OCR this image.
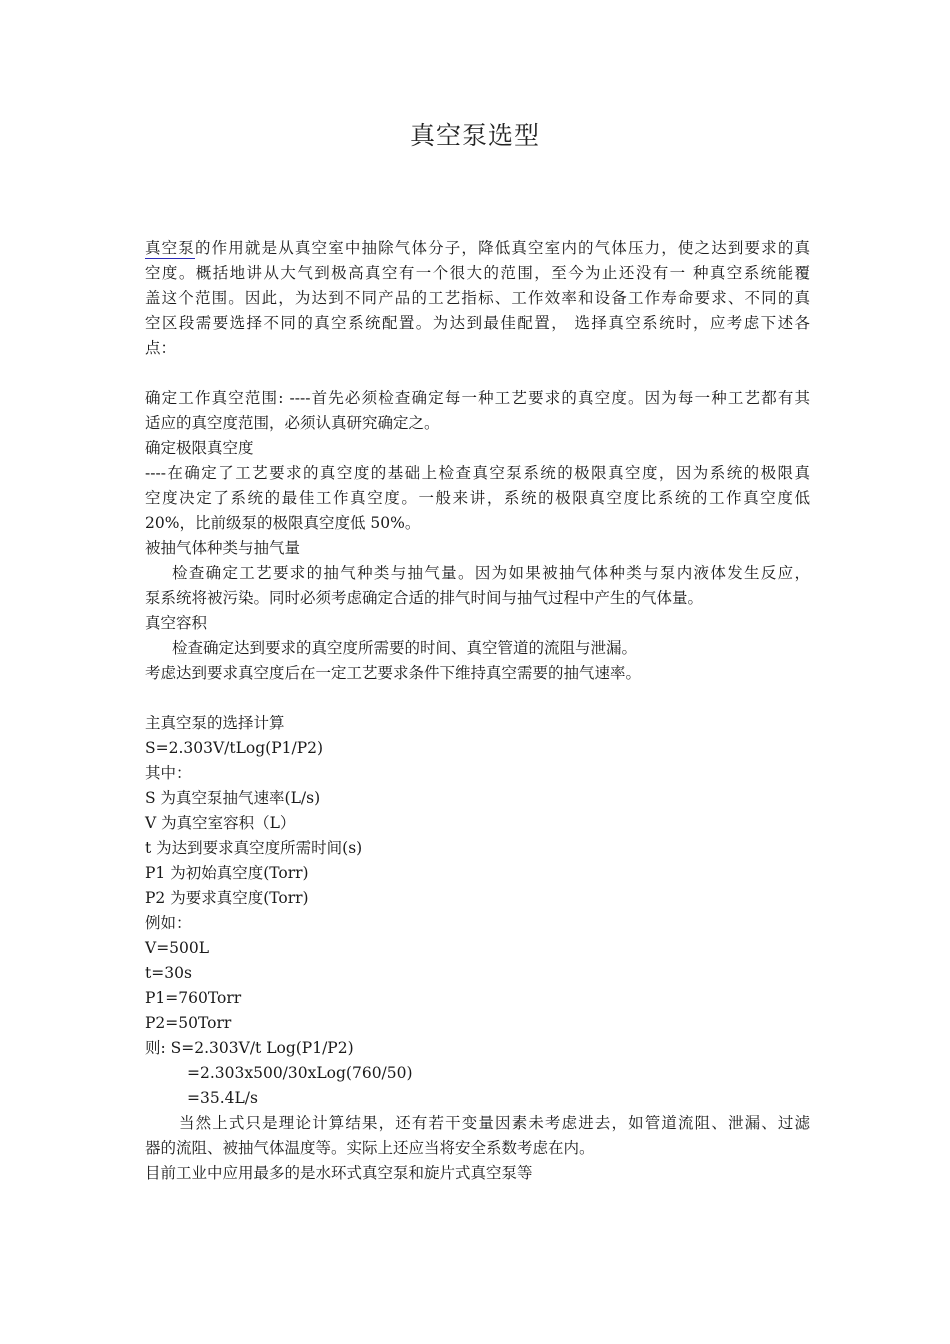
真空泵选型

真空泵的作用就是从真空室中抽除气体分子，降低真空室内的气体压力，使之达到要求的真

空度。概括地讲从大气到极高真空有一个很大的范围，至今为止还没有一 种真空系统能覆

盖这个范围。因此，为达到不同产品的工艺指标、工作效率和设备工作寿命要求、不同的真

空区段需要选择不同的真空系统配置。为达到最佳配置， 选择真空系统时，应考虑下述各

点：

确定工作真空范围: ----首先必须检查确定每一种工艺要求的真空度。因为每一种工艺都有其

适应的真空度范围，必须认真研究确定之。

确定极限真空度

----在确定了工艺要求的真空度的基础上检查真空泵系统的极限真空度，因为系统的极限真

空度决定了系统的最佳工作真空度。一般来讲，系统的极限真空度比系统的工作真空度低

20%，比前级泵的极限真空度低 50%。

被抽气体种类与抽气量

检查确定工艺要求的抽气种类与抽气量。因为如果被抽气体种类与泵内液体发生反应，

泵系统将被污染。同时必须考虑确定合适的排气时间与抽气过程中产生的气体量。

真空容积

检查确定达到要求的真空度所需要的时间、真空管道的流阻与泄漏。

考虑达到要求真空度后在一定工艺要求条件下维持真空需要的抽气速率。

主真空泵的选择计算

S=2.303V/tLog(P1/P2)

其中：

S 为真空泵抽气速率(L/s)

V 为真空室容积（L）

t 为达到要求真空度所需时间(s)

P1 为初始真空度(Torr)

P2 为要求真空度(Torr)

例如：

V=500L

t=30s

P1=760Torr

P2=50Torr

则: S=2.303V/t Log(P1/P2)

=2.303x500/30xLog(760/50)

=35.4L/s

当然上式只是理论计算结果，还有若干变量因素未考虑进去，如管道流阻、泄漏、过滤

器的流阻、被抽气体温度等。实际上还应当将安全系数考虑在内。

目前工业中应用最多的是水环式真空泵和旋片式真空泵等
